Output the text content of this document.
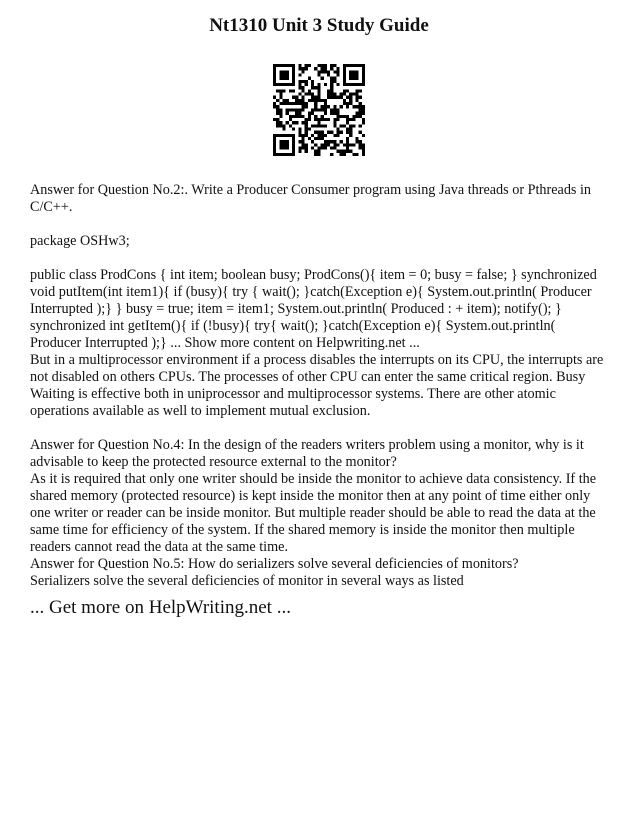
Nt1310 Unit 3 Study Guide

Answer for Question No.2:. Write a Producer Consumer program using Java threads or Pthreads in C/C++.

package OSHw3;

public class ProdCons { int item; boolean busy; ProdCons(){ item = 0; busy = false; } synchronized void putItem(int item1){ if (busy){ try { wait(); }catch(Exception e){ System.out.println( Producer Interrupted );} } busy = true; item = item1; System.out.println( Produced : + item); notify(); } synchronized int getItem(){ if (!busy){ try{ wait(); }catch(Exception e){ System.out.println( Producer Interrupted );} ... Show more content on Helpwriting.net ...

But in a multiprocessor environment if a process disables the interrupts on its CPU, the interrupts are not disabled on others CPUs. The processes of other CPU can enter the same critical region. Busy Waiting is effective both in uniprocessor and multiprocessor systems. There are other atomic operations available as well to implement mutual exclusion.

Answer for Question No.4: In the design of the readers writers problem using a monitor, why is it advisable to keep the protected resource external to the monitor?

As it is required that only one writer should be inside the monitor to achieve data consistency. If the shared memory (protected resource) is kept inside the monitor then at any point of time either only one writer or reader can be inside monitor. But multiple reader should be able to read the data at the same time for efficiency of the system. If the shared memory is inside the monitor then multiple readers cannot read the data at the same time.

Answer for Question No.5: How do serializers solve several deficiencies of monitors?

Serializers solve the several deficiencies of monitor in several ways as listed

... Get more on HelpWriting.net ...
